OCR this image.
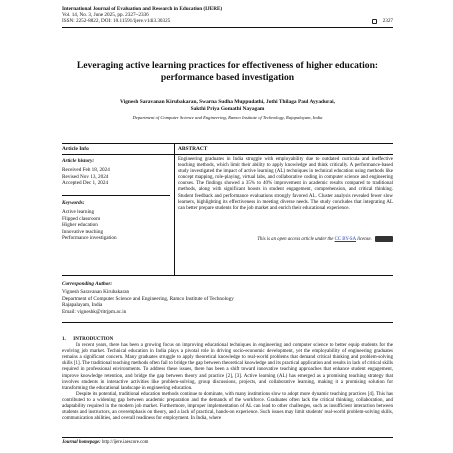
International Journal of Evaluation and Research in Education (IJERE)
Vol. 14, No. 3, June 2025, pp. 2327~2336
ISSN: 2252-8822, DOI: 10.11591/ijere.v14i3.30325	2327
Leveraging active learning practices for effectiveness of higher education: performance based investigation
Vignesh Saravanan Kirubakaran, Swarna Sudha Muppudathi, Jothi Thilaga Paul Ayyadurai,
Sakthi Priya Gomathi Nayagam
Department of Computer Science and Engineering, Ramco Institute of Technology, Rajapalayam, India
Article Info	ABSTRACT
Article history:
Received Feb 18, 2024
Revised Nov 13, 2024
Accepted Dec 1, 2024
Keywords:
Active learning
Flipped classroom
Higher education
Innovative teaching
Performance investigation
Engineering graduates in India struggle with employability due to outdated curricula and ineffective teaching methods, which limit their ability to apply knowledge and think critically. A performance-based study investigated the impact of active learning (AL) techniques in technical education using methods like concept mapping, role-playing, virtual labs, and collaborative coding in computer science and engineering courses. The findings showed a 35% to 40% improvement in academic results compared to traditional methods, along with significant boosts in student engagement, comprehension, and critical thinking. Student feedback and performance evaluations strongly favored AL. Cluster analysis revealed fewer slow learners, highlighting its effectiveness in meeting diverse needs. The study concludes that integrating AL can better prepare students for the job market and enrich their educational experience.
This is an open access article under the CC BY-SA license.
Corresponding Author:
Vignesh Saravanan Kirubakaran
Department of Computer Science and Engineering, Ramco Institute of Technology
Rajapalayam, India
Email: vigneshk@ritrjpm.ac.in
1.      INTRODUCTION

In recent years, there has been a growing focus on improving educational techniques in engineering and computer science to better equip students for the evolving job market. Technical education in India plays a pivotal role in driving socio-economic development, yet the employability of engineering graduates remains a significant concern. Many graduates struggle to apply theoretical knowledge to real-world problems that demand critical thinking and problem-solving skills [1]. The traditional teaching methods often fail to bridge the gap between theoretical knowledge and its practical application and results in lack of critical skills required in professional environments. To address these issues, there has been a shift toward innovative teaching approaches that enhance student engagement, improve knowledge retention, and bridge the gap between theory and practice [2], [3]. Active learning (AL) has emerged as a promising teaching strategy that involves students in interactive activities like problem-solving, group discussions, projects, and collaborative learning, making it a promising solution for transforming the educational landscape in engineering education.

Despite its potential, traditional education methods continue to dominate, with many institutions slow to adopt more dynamic teaching practices [4]. This has contributed to a widening gap between academic preparation and the demands of the workforce. Graduates often lack the critical thinking, collaboration, and adaptability required in the modern job market. Furthermore, improper implementation of AL can lead to other challenges, such as insufficient interaction between students and instructors, an overemphasis on theory, and a lack of practical, hands-on experience. Such issues may limit students' real-world problem-solving skills, communication abilities, and overall readiness for employment. In India, where

Journal homepage: http://ijere.iaescore.com
